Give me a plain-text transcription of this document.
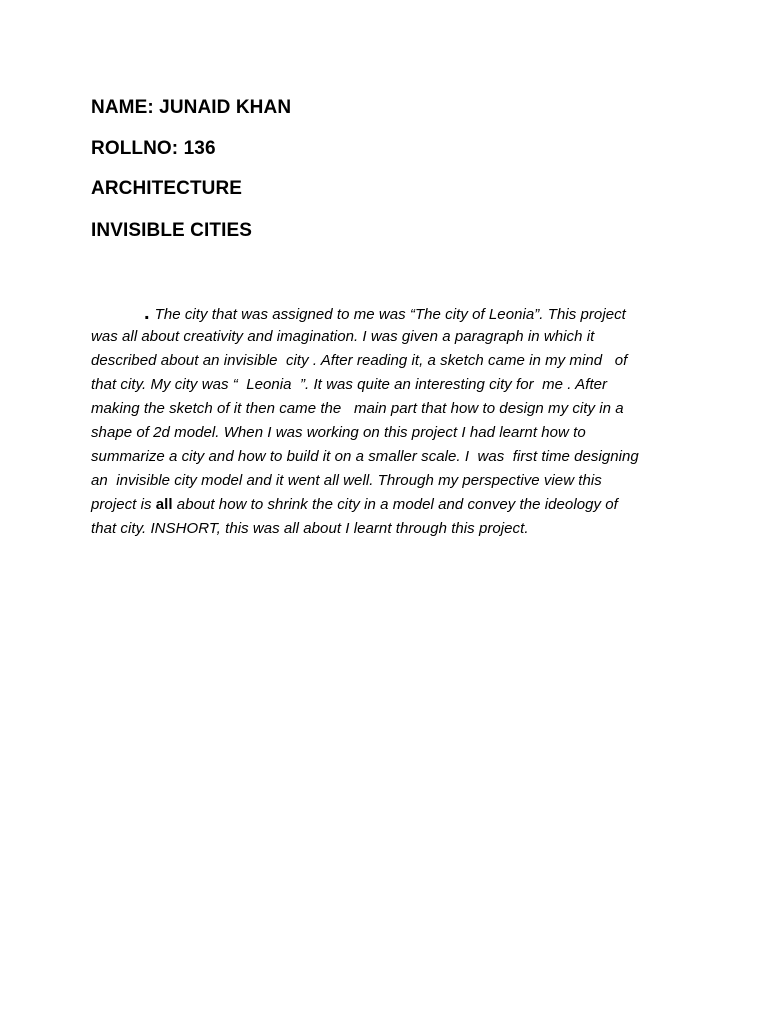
NAME: JUNAID KHAN
ROLLNO: 136
ARCHITECTURE
INVISIBLE CITIES
. The city that was assigned to me was “The city of Leonia”. This project
was all about creativity and imagination. I was given a paragraph in which it
described about an invisible  city . After reading it, a sketch came in my mind   of
that city. My city was “  Leonia  ”. It was quite an interesting city for  me . After
making the sketch of it then came the   main part that how to design my city in a
shape of 2d model. When I was working on this project I had learnt how to
summarize a city and how to build it on a smaller scale. I  was  first time designing
an  invisible city model and it went all well. Through my perspective view this
project is all about how to shrink the city in a model and convey the ideology of
that city. INSHORT, this was all about I learnt through this project.
